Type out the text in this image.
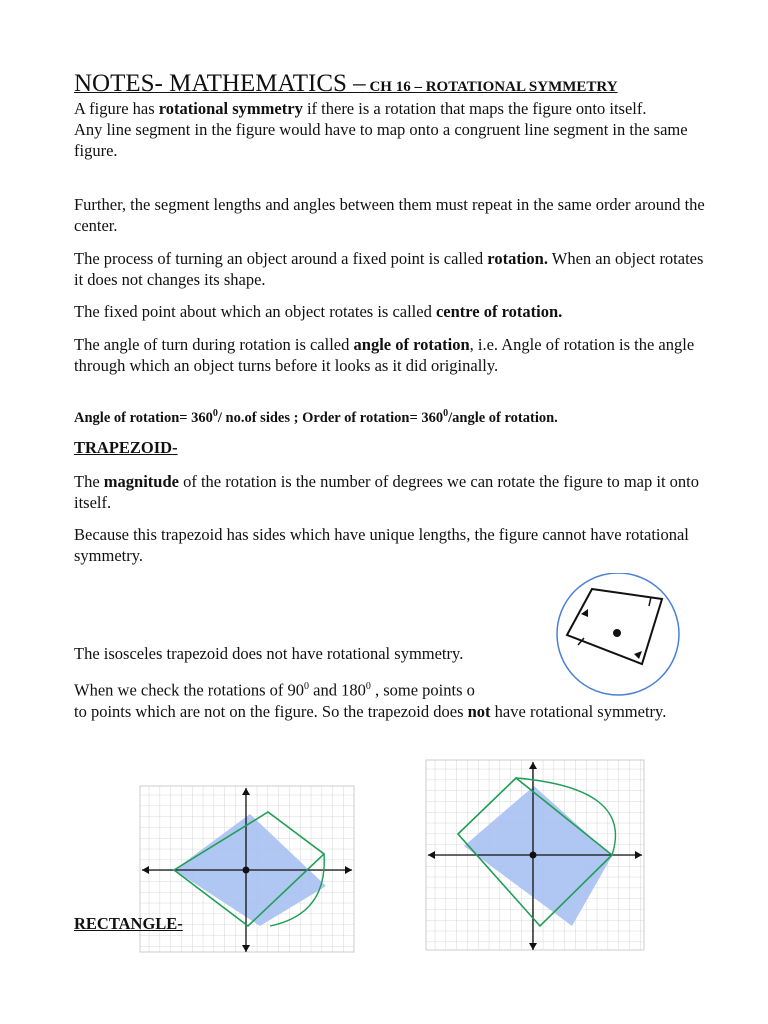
NOTES- MATHEMATICS – CH 16 – ROTATIONAL SYMMETRY

A figure has rotational symmetry if there is a rotation that maps the figure onto itself.
Any line segment in the figure would have to map onto a congruent line segment in the same figure.

Further, the segment lengths and angles between them must repeat in the same order around the center.

The process of turning an object around a fixed point is called rotation. When an object rotates it does not changes its shape.

The fixed point about which an object rotates is called centre of rotation.

The angle of turn during rotation is called angle of rotation, i.e. Angle of rotation is the angle through which an object turns before it looks as it did originally.

Angle of rotation= $360^0/$ no.of sides ; Order of rotation= $360^0$/angle of rotation.
TRAPEZOID-

The magnitude of the rotation is the number of degrees we can rotate the figure to map it onto itself.

Because this trapezoid has sides which have unique lengths, the figure cannot have rotational symmetry.

The isosceles trapezoid does not have rotational symmetry.

When we check the rotations of $90^0$ and $180^0$ , some points o
to points which are not on the figure. So the trapezoid does not have rotational symmetry.

RECTANGLE-
